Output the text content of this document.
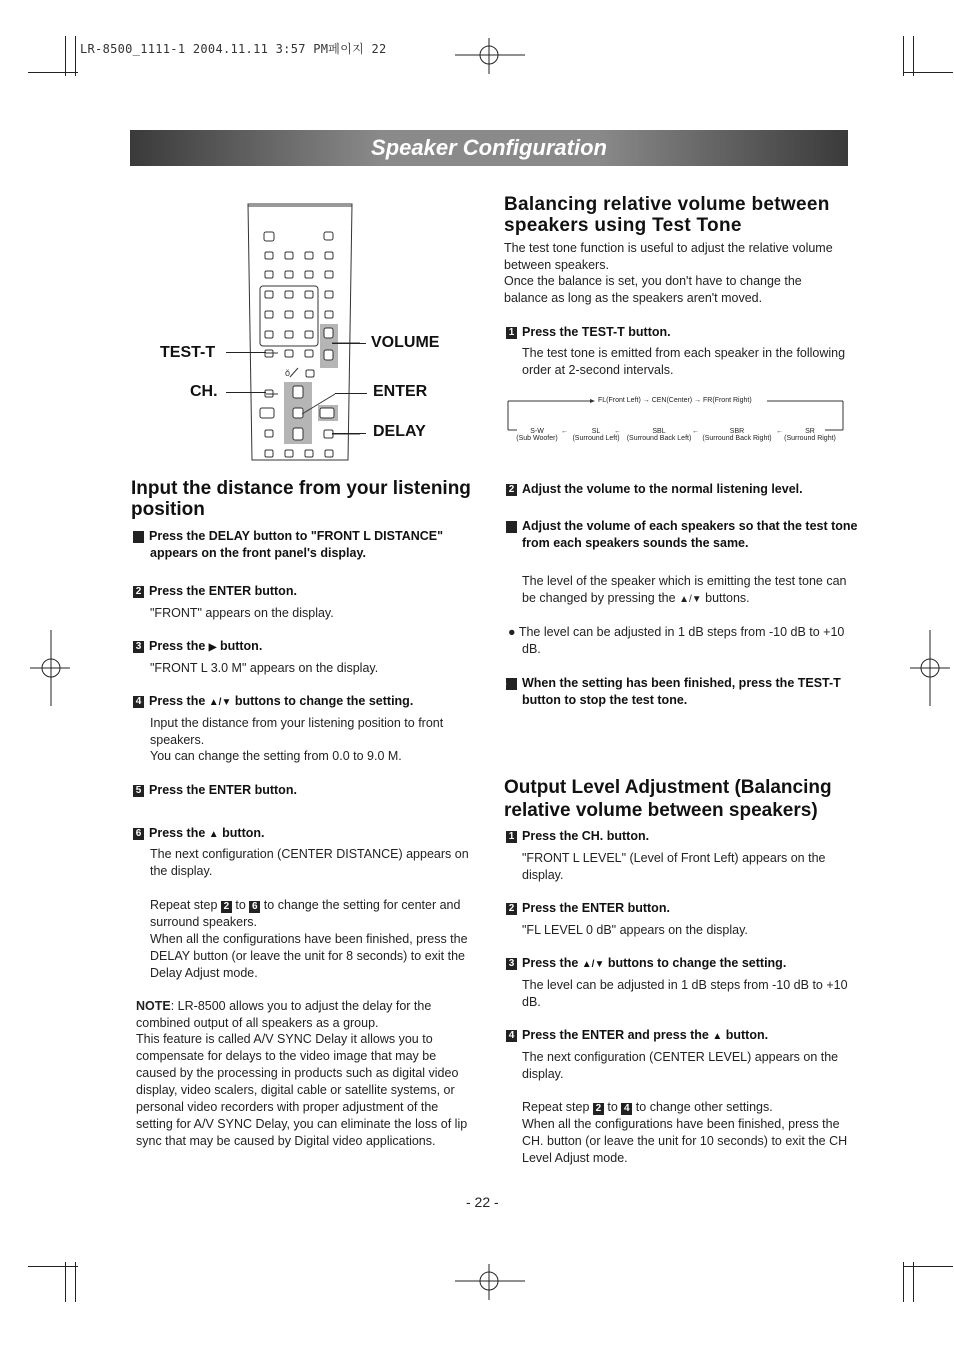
LR-8500_1111-1 2004.11.11 3:57 PM페이지 22
Speaker Configuration
ǒ
TEST-T
CH.
VOLUME
ENTER
DELAY
Input the distance from your listening position
1 Press the DELAY button to "FRONT L DISTANCE" appears on the front panel's display.
2 Press the ENTER button.
"FRONT" appears on the display.
3 Press the ▶ button.
"FRONT L 3.0 M" appears on the display.
4 Press the ▲/▼ buttons to change the setting.
Input the distance from your listening position to front speakers.
You can change the setting from 0.0 to 9.0 M.
5 Press the ENTER button.
6 Press the ▲ button.
The next configuration (CENTER DISTANCE) appears on the display.
Repeat step 2 to 6 to change the setting for center and surround speakers.
When all the configurations have been finished, press the DELAY button (or leave the unit for 8 seconds) to exit the Delay Adjust mode.
NOTE: LR-8500 allows you to adjust the delay for the combined output of all speakers as a group.
This feature is called A/V SYNC Delay it allows you to compensate for delays to the video image that may be caused by the processing in products such as digital video display, video scalers, digital cable or satellite systems, or personal video recorders with proper adjustment of the setting for A/V SYNC Delay, you can eliminate the loss of lip sync that may be caused by Digital video applications.
Balancing relative volume between speakers using Test Tone
The test tone function is useful to adjust the relative volume between speakers.
Once the balance is set, you don't have to change the balance as long as the speakers aren't moved.
1 Press the TEST-T button.
The test tone is emitted from each speaker in the following order at 2-second intervals.
FL(Front Left) → CEN(Center) → FR(Front Right)
S-W
(Sub Woofer)
←	SL
(Surround Left)
←	SBL
(Surround Back Left)
←	SBR
(Surround Back Right)
←	SR
(Surround Right)
2 Adjust the volume to the normal listening level.
3 Adjust the volume of each speakers so that the test tone from each speakers sounds the same.
The level of the speaker which is emitting the test tone can be changed by pressing the ▲/▼ buttons.
● The level can be adjusted in 1 dB steps from -10 dB to +10 dB.
4 When the setting has been finished, press the TEST-T button to stop the test tone.
Output Level Adjustment (Balancing relative volume between speakers)
1 Press the CH. button.
"FRONT L LEVEL" (Level of Front Left) appears on the display.
2 Press the ENTER button.
"FL LEVEL 0 dB" appears on the display.
3 Press the ▲/▼ buttons to change the setting.
The level can be adjusted in 1 dB steps from -10 dB to +10 dB.
4 Press the ENTER and press the ▲ button.
The next configuration (CENTER LEVEL) appears on the display.
Repeat step 2 to 4 to change other settings.
When all the configurations have been finished, press the CH. button (or leave the unit for 10 seconds) to exit the CH Level Adjust mode.
- 22 -
